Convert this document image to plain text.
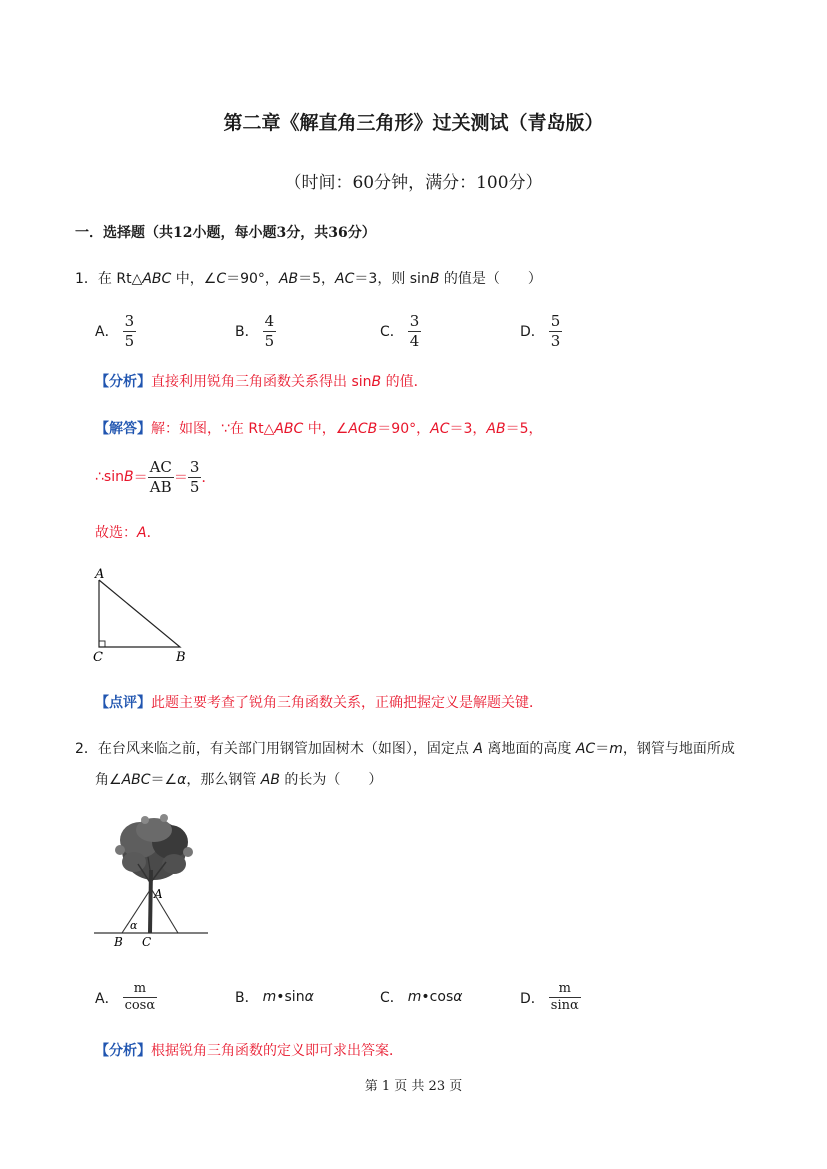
第二章《解直角三角形》过关测试（青岛版）
（时间：60分钟，满分：100分）
一．选择题（共12小题，每小题3分，共36分）
1．在 Rt△ABC 中，∠C＝90°，AB＝5，AC＝3，则 sinB 的值是（　　）
A． $\frac{3}{5}$	B． $\frac{4}{5}$	C． $\frac{3}{4}$	D． $\frac{5}{3}$
【分析】直接利用锐角三角函数关系得出 sinB 的值．
【解答】解：如图，∵在 Rt△ABC 中，∠ACB＝90°，AC＝3，AB＝5，
∴sin $B = \frac{AC}{AB} = \frac{3}{5}$ ．
故选：A．
A
C	B
【点评】此题主要考查了锐角三角函数关系，正确把握定义是解题关键．
2．在台风来临之前，有关部门用钢管加固树木（如图），固定点 A 离地面的高度 AC＝m，钢管与地面所成
角∠ABC＝∠α，那么钢管 AB 的长为（　　）
A
B C
α
A． $\frac{m}{\cos\alpha}$	B． m •sin α	C． m •cos α	D． $\frac{m}{\sin\alpha}$
【分析】根据锐角三角函数的定义即可求出答案．
第 1 页 共 23 页
